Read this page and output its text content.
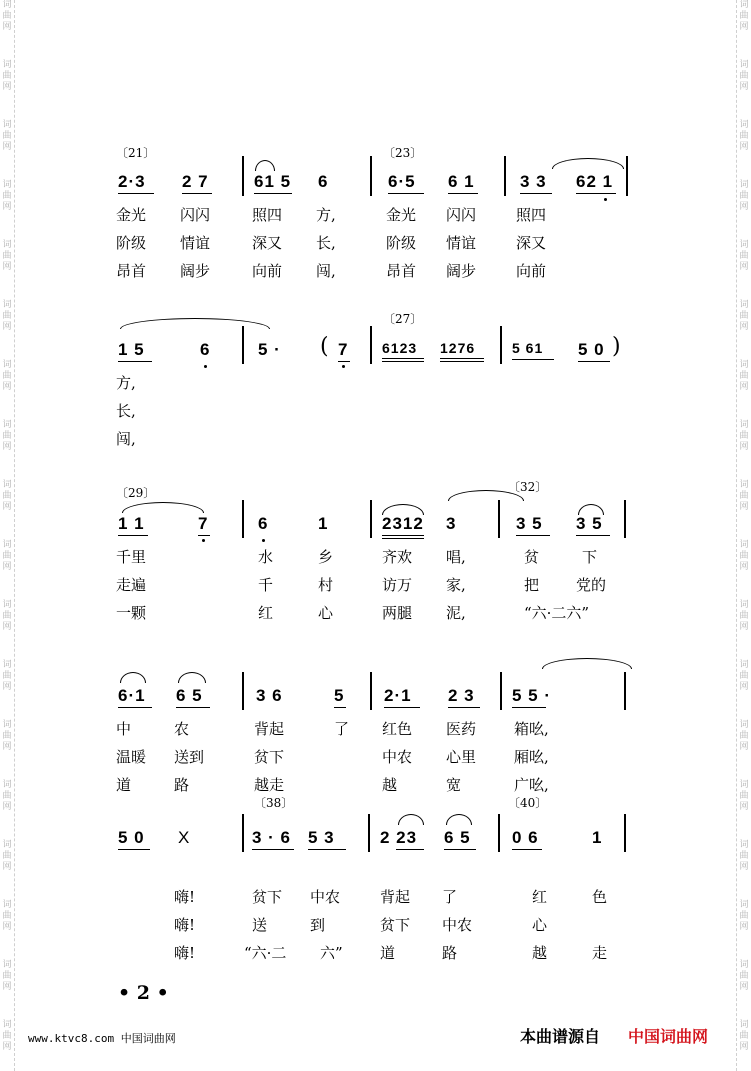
词
曲
网
词
曲
网
词
曲
网
词
曲
网
词
曲
网
词
曲
网
词
曲
网
词
曲
网
词
曲
网
词
曲
网
词
曲
网
词
曲
网
词
曲
网
词
曲
网
词
曲
网
词
曲
网
词
曲
网
词
曲
网
词
曲
网
词
曲
网
词
曲
网
词
曲
网
词
曲
网
词
曲
网
词
曲
网
词
曲
网
词
曲
网
词
曲
网
词
曲
网
词
曲
网
词
曲
网
词
曲
网
词
曲
网
词
曲
网
词
曲
网
词
曲
网
〔21〕	〔23〕
2·3 2 7	61 5 6	6·5 6 1	3 3 62 1
金光 闪闪	照四 方,	金光 闪闪	照四
阶级 情谊	深又 长,	阶级 情谊	深又
昂首 阔步	向前 闯,	昂首 阔步	向前
〔27〕
1 5	6	5 · ( 7 6123 1276	5 61 5 0 )
方,
长,
闯,
〔29〕	〔32〕
1 1	7	6	1	2312 3	3 5 3 5
千里	水	乡	齐欢 唱,	贫	下
走遍	千	村	访万 家,	把 党的
一颗	红	心	两腿 泥,	“六·二六”
6·1 6 5	3 6	5 2·1 2 3 5 5 ·
中	农	背起	了 红色 医药	箱吆,
温暖 送到	贫下	中农 心里	厢吆,
道	路	越走	越	宽	广吆,
〔38〕	〔40〕
5 0 X	3 · 6 5 3	2 23 6 5 0 6	1
嗨!	贫下 中农	背起 了	红	色
嗨!	送	到	贫下 中农	心
嗨!	“六·二 六” 道	路	越	走
• 2 •
www.ktvc8.com 中国词曲网	本曲谱源自 中国词曲网
